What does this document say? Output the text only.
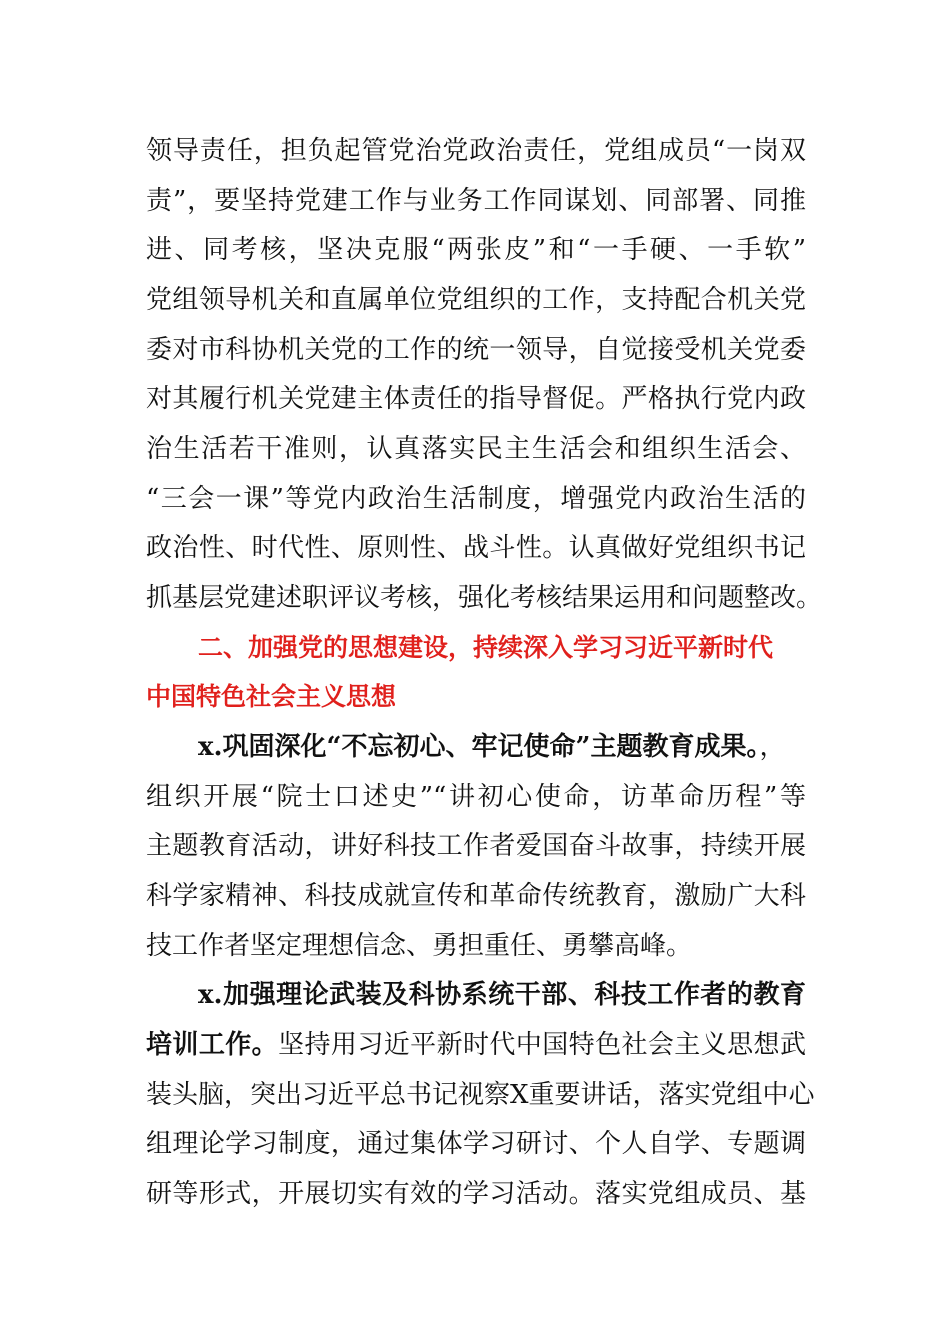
领导责任，担负起管党治党政治责任，党组成员“一岗双
责”，要坚持党建工作与业务工作同谋划、同部署、同推
进、同考核，坚决克服“两张皮”和“一手硬、一手软”
党组领导机关和直属单位党组织的工作，支持配合机关党
委对市科协机关党的工作的统一领导，自觉接受机关党委
对其履行机关党建主体责任的指导督促。严格执行党内政
治生活若干准则，认真落实民主生活会和组织生活会、
“三会一课”等党内政治生活制度，增强党内政治生活的
政治性、时代性、原则性、战斗性。认真做好党组织书记
抓基层党建述职评议考核，强化考核结果运用和问题整改。
二、加强党的思想建设，持续深入学习习近平新时代
中国特色社会主义思想
x.巩固深化“不忘初心、牢记使命”主题教育成果。，
组织开展“院士口述史”“讲初心使命，访革命历程”等
主题教育活动，讲好科技工作者爱国奋斗故事，持续开展
科学家精神、科技成就宣传和革命传统教育，激励广大科
技工作者坚定理想信念、勇担重任、勇攀高峰。
x.加强理论武装及科协系统干部、科技工作者的教育
培训工作。坚持用习近平新时代中国特色社会主义思想武
装头脑，突出习近平总书记视察X重要讲话，落实党组中心
组理论学习制度，通过集体学习研讨、个人自学、专题调
研等形式，开展切实有效的学习活动。落实党组成员、基
